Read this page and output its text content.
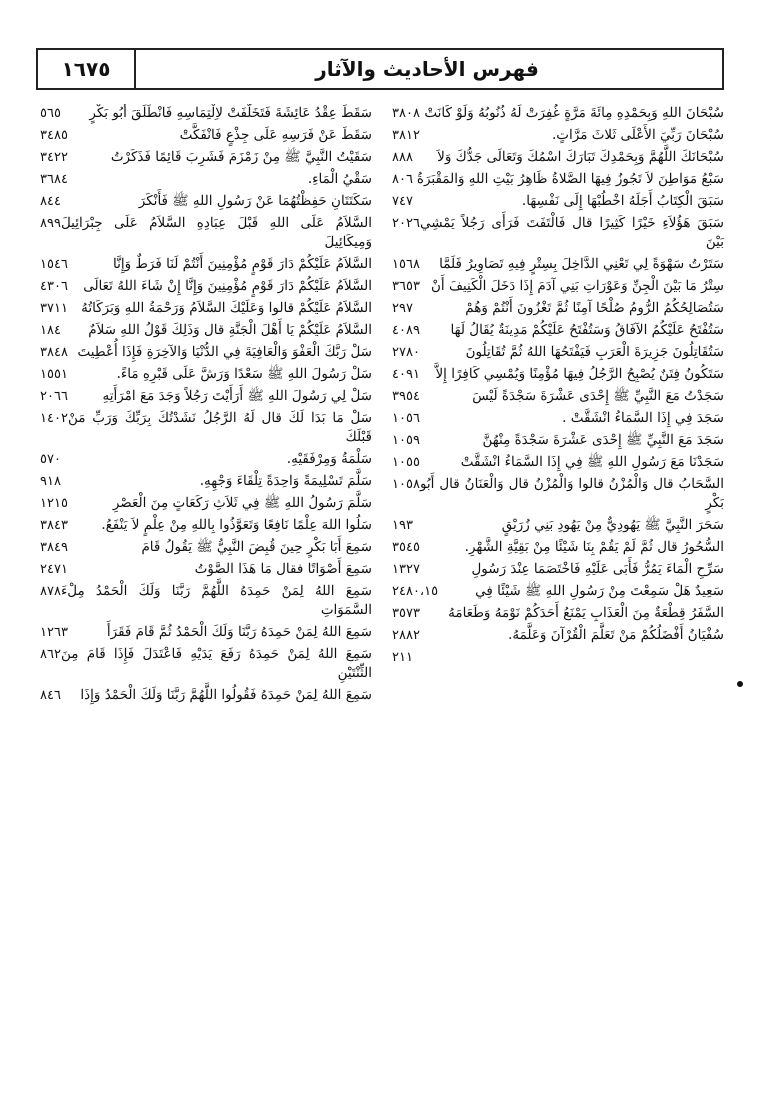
فهرس الأحاديث والآثار
١٦٧٥
٣٨٠٨ سُبْحَانَ اللهِ وَبِحَمْدِهِ مِائَةَ مَرَّةٍ غُفِرَتْ لَهُ ذُنُوبُهُ وَلَوْ كَانَتْ
٣٨١٢	سُبْحَانَ رَبِّيَ الأَعْلَى ثَلاثَ مَرَّاتٍ.
٨٨٨ سُبْحَانَكَ اللَّهُمَّ وَبِحَمْدِكَ تَبَارَكَ اسْمُكَ وَتَعَالَى جَدُّكَ وَلاَ
٨٠٦ سَبْعُ مَوَاطِنَ لاَ تَجُوزُ فِيهَا الصَّلاةُ ظَاهِرُ بَيْتِ اللهِ وَالمَقْبَرَةُ
٧٤٧	سَبَقَ الْكِتَابُ أَجَلَهُ اخْطُبْهَا إِلَى نَفْسِهَا.
٢٠٢٦ سَبَقَ هَؤُلاَءِ خَيْرًا كَثِيرًا قال فَالْتَفَتَ فَرَأَى رَجُلاً يَمْشِي بَيْنَ
١٥٦٨ سَتَرْتُ سَهْوَةً لِي تَعْنِي الدَّاخِلَ بِسِتْرٍ فِيهِ تَصَاوِيرُ فَلَمَّا
٣٦٥٣ سِتْرُ مَا بَيْنَ الْجِنِّ وَعَوْرَاتِ بَنِي آدَمَ إِذَا دَخَلَ الْكَنِيفَ أَنْ
٢٩٧	سَتُصَالِحُكُمُ الرُّومُ صُلْحًا آمِنًا ثُمَّ تَغْزُونَ أَنْتُمْ وَهُمْ
٤٠٨٩ سَتُفْتَحُ عَلَيْكُمُ الآفَاقُ وَسَتُفْتَحُ عَلَيْكُمْ مَدِينَةٌ يُقَالُ لَهَا
٢٧٨٠	سَتُقَاتِلُونَ جَزِيرَةَ الْعَرَبِ فَيَفْتَحُهَا اللهُ ثُمَّ تُقَاتِلُونَ
٤٠٩١ سَتَكُونُ فِتَنٌ يُصْبِحُ الرَّجُلُ فِيهَا مُؤْمِنًا وَيُمْسِي كَافِرًا إِلاَّ
٣٩٥٤	سَجَدْتُ مَعَ النَّبِيِّ ﷺ إِحْدَى عَشْرَةَ سَجْدَةً لَيْسَ
١٠٥٦	سَجَدَ فِي إِذَا السَّمَاءُ انْشَقَّتْ .
١٠٥٩	سَجَدَ مَعَ النَّبِيِّ ﷺ إِحْدَى عَشْرَةَ سَجْدَةً مِنْهُنَّ
١٠٥٥	سَجَدْنَا مَعَ رَسُولِ اللهِ ﷺ فِي إِذَا السَّمَاءُ انْشَقَّتْ
١٠٥٨ السَّحَابُ قال وَالْمُزْنُ قالوا وَالْمُزْنُ قال وَالْعَنَانُ قال أَبُو بَكْرٍ
١٩٣	سَحَرَ النَّبِيَّ ﷺ يَهُودِيٌّ مِنْ يَهُودِ بَنِي زُرَيْقٍ
٣٥٤٥	السُّحُورُ قال ثُمَّ لَمْ يَقُمْ بِنَا شَيْئًا مِنْ بَقِيَّةِ الشَّهْرِ.
١٣٢٧	سَرِّحِ الْمَاءَ يَمُرُّ فَأَبَى عَلَيْهِ فَاخْتَصَمَا عِنْدَ رَسُولِ
٢٤٨٠،١٥	سَعِيدٌ هَلْ سَمِعْتَ مِنْ رَسُولِ اللهِ ﷺ شَيْئًا فِي
٣٥٧٣ السَّفَرُ قِطْعَةٌ مِنَ الْعَذَابِ يَمْنَعُ أَحَدَكُمْ نَوْمَهُ وَطَعَامَهُ
٢٨٨٢	سُفْيَانُ أَفْضَلُكُمْ مَنْ تَعَلَّمَ الْقُرْآنَ وَعَلَّمَهُ.
٢١١
٥٦٥ سَقَطَ عِقْدُ عَائِشَةَ فَتَخَلَّفَتْ لاِلْتِمَاسِهِ فَانْطَلَقَ أَبُو بَكْرٍ
٣٤٨٥	سَقَطَ عَنْ فَرَسِهِ عَلَى جِذْعٍ فَانْفَكَّتْ
٣٤٢٢	سَقَيْتُ النَّبِيَّ ﷺ مِنْ زَمْزَمَ فَشَرِبَ قَائِمًا فَذَكَرْتُ
٣٦٨٤	سَقْيُ الْمَاءِ.
٨٤٤	سَكَتَتَانِ حَفِظْتُهُمَا عَنْ رَسُولِ اللهِ ﷺ فَأَنْكَرَ
٨٩٩ السَّلاَمُ عَلَى اللهِ قَبْلَ عِبَادِهِ السَّلاَمُ عَلَى جِبْرَائِيلَ وَمِيكَائِيلَ
١٥٤٦	السَّلاَمُ عَلَيْكُمْ دَارَ قَوْمٍ مُؤْمِنِينَ أَنْتُمْ لَنَا فَرَطٌ وَإِنَّا
٤٣٠٦ السَّلاَمُ عَلَيْكُمْ دَارَ قَوْمٍ مُؤْمِنِينَ وَإِنَّا إِنْ شَاءَ اللهُ تَعَالَى
٣٧١١ السَّلاَمُ عَلَيْكُمْ قالوا وَعَلَيْكَ السَّلاَمُ وَرَحْمَةُ اللهِ وَبَرَكَاتُهُ
١٨٤ السَّلاَمُ عَلَيْكُمْ يَا أَهْلَ الْجَنَّةِ قال وَذَلِكَ قَوْلُ اللهِ سَلاَمٌ
٣٨٤٨ سَلْ رَبَّكَ الْعَفْوَ وَالْعَافِيَةَ فِي الدُّنْيَا وَالآخِرَةِ فَإِذَا أُعْطِيتَ
١٥٥١	سَلْ رَسُولَ اللهِ ﷺ سَعْدًا وَرَشَّ عَلَى قَبْرِهِ مَاءً.
٢٠٦٦	سَلْ لِي رَسُولَ اللهِ ﷺ أَرَأَيْتَ رَجُلاً وَجَدَ مَعَ امْرَأَتِهِ
١٤٠٢ سَلْ مَا بَدَا لَكَ قال لَهُ الرَّجُلُ نَشَدْتُكَ بِرَبِّكَ وَرَبِّ مَنْ قَبْلَكَ
٥٧٠	سَلْمَةُ وَمِرْفَقَيْهِ.
٩١٨	سَلَّمَ تَسْلِيمَةً وَاحِدَةً تِلْقَاءَ وَجْهِهِ.
١٢١٥	سَلَّمَ رَسُولُ اللهِ ﷺ فِي ثَلاَثِ رَكَعَاتٍ مِنَ الْعَصْرِ
٣٨٤٣ سَلُوا اللهَ عِلْمًا نَافِعًا وَتَعَوَّذُوا بِاللهِ مِنْ عِلْمٍ لاَ يَنْفَعُ.
٣٨٤٩	سَمِعَ أَبَا بَكْرٍ حِينَ قُبِضَ النَّبِيُّ ﷺ يَقُولُ قَامَ
٢٤٧١	سَمِعَ أَصْوَاتًا فقال مَا هَذَا الصَّوْتُ
٨٧٨ سَمِعَ اللهُ لِمَنْ حَمِدَهُ اللَّهُمَّ رَبَّنَا وَلَكَ الْحَمْدُ مِلْءَ السَّمَوَاتِ
١٢٦٣	سَمِعَ اللهُ لِمَنْ حَمِدَهُ رَبَّنَا وَلَكَ الْحَمْدُ ثُمَّ قَامَ فَقَرَأَ
٨٦٢ سَمِعَ اللهُ لِمَنْ حَمِدَهُ رَفَعَ يَدَيْهِ فَاعْتَدَلَ فَإِذَا قَامَ مِنَ الثِّنْتَيْنِ
٨٤٦ سَمِعَ اللهُ لِمَنْ حَمِدَهُ فَقُولُوا اللَّهُمَّ رَبَّنَا وَلَكَ الْحَمْدُ وَإِذَا
